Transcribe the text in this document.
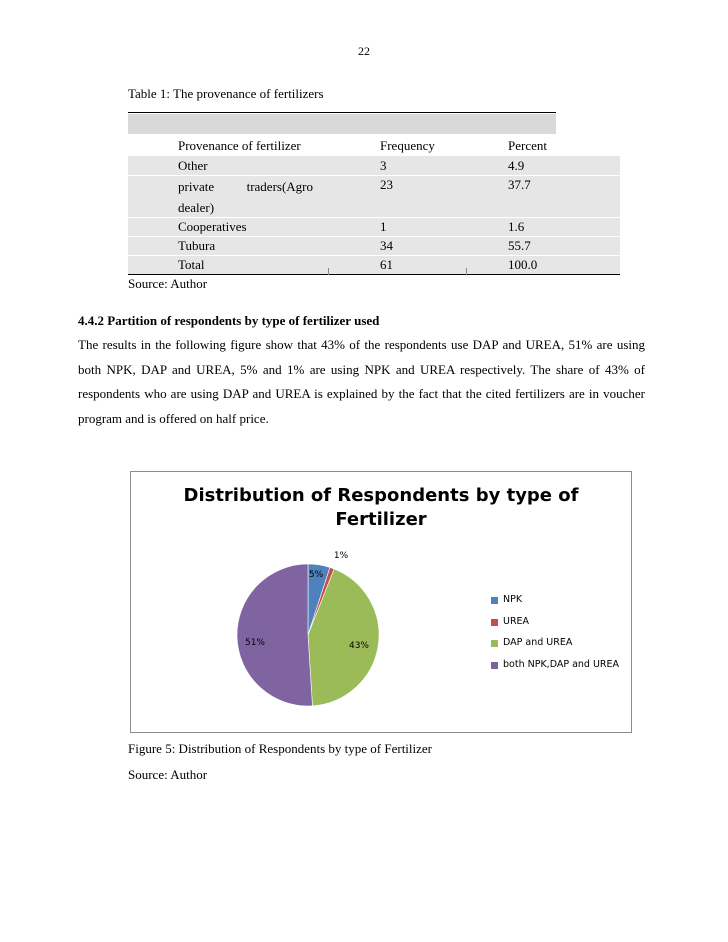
22
Table 1: The provenance of fertilizers
Provenance of fertilizer	Frequency	Percent
Other	3	4.9
private          traders(Agro
dealer)
23	37.7
Cooperatives	1	1.6
Tubura	34	55.7
Total	61	100.0
Source: Author
4.4.2 Partition of respondents by type of fertilizer used
The results in the following figure show that 43% of the respondents use DAP and UREA, 51% are using both NPK, DAP and UREA, 5% and 1% are using NPK and UREA respectively. The share of 43% of respondents who are using DAP and UREA is explained by the fact that the cited fertilizers are in voucher program and is offered on half price.
Distribution of Respondents by type of
Fertilizer
5%
1%
43%
51%
NPK
UREA
DAP and UREA
both NPK,DAP and UREA
Figure 5: Distribution of Respondents by type of Fertilizer
Source: Author
